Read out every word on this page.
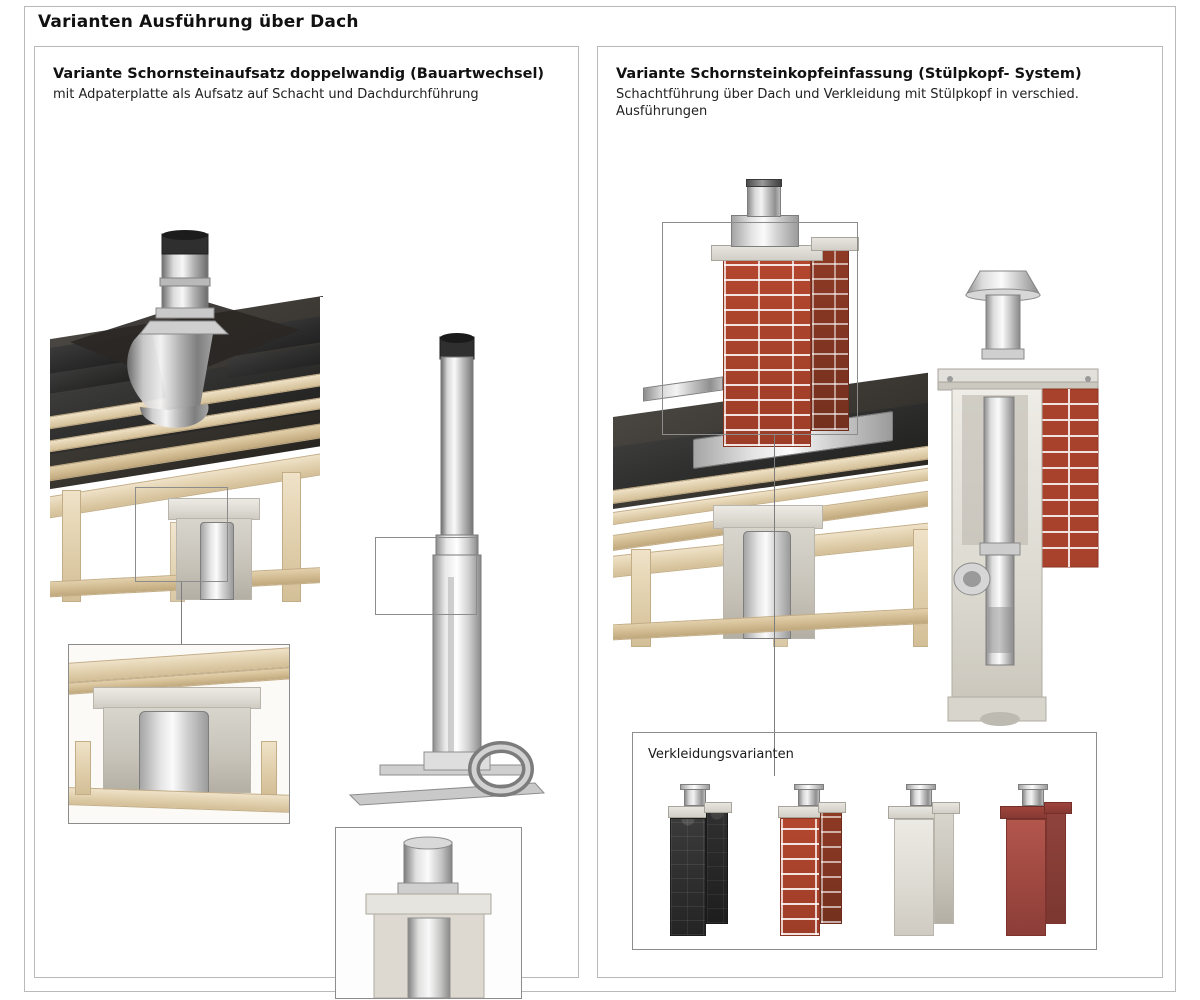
Varianten Ausführung über Dach
Variante Schornsteinaufsatz doppelwandig (Bauartwechsel)
mit Adpaterplatte als Aufsatz auf Schacht und Dachdurchführung
Variante Schornsteinkopfeinfassung (Stülpkopf- System)
Schachtführung über Dach und Verkleidung mit Stülpkopf in verschied. Ausführungen
Verkleidungsvarianten
